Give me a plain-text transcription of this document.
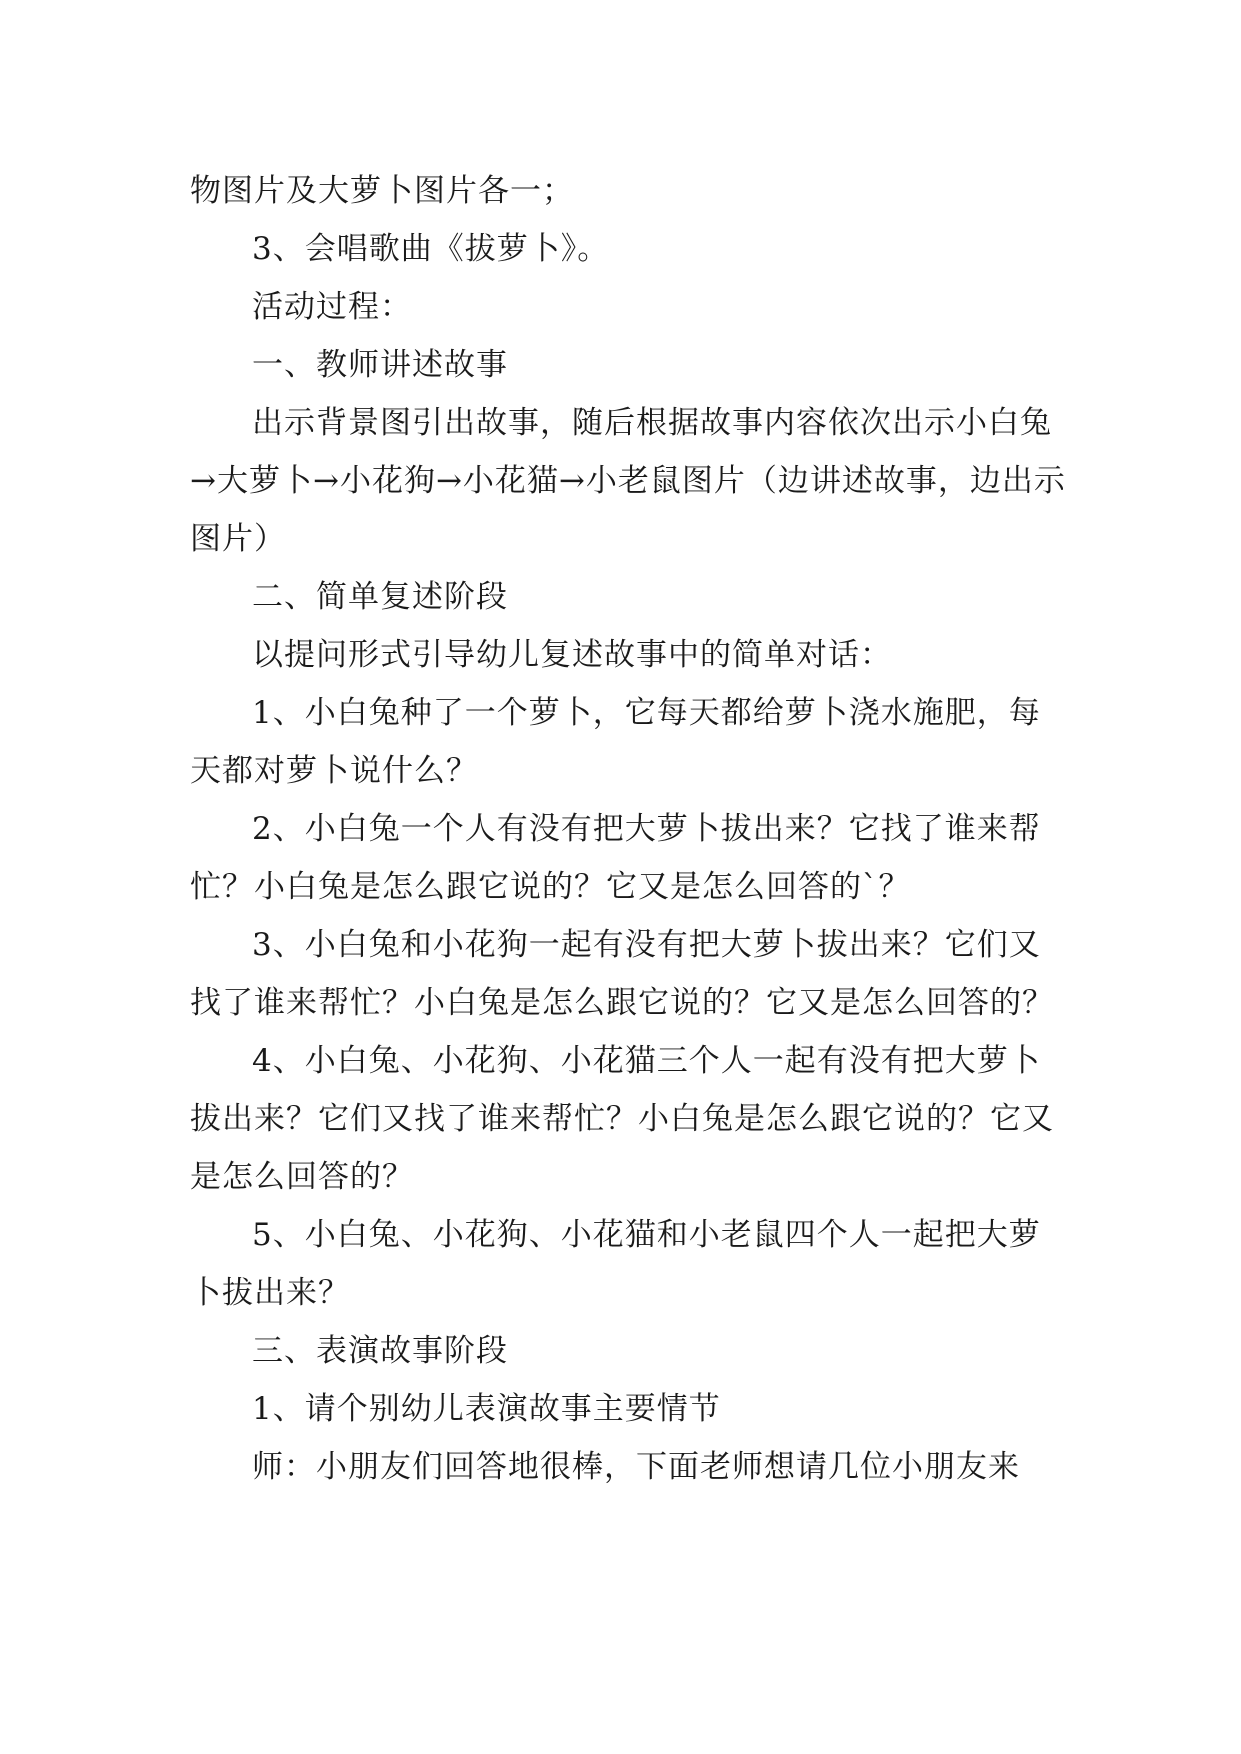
物图片及大萝卜图片各一；

3、会唱歌曲《拔萝卜》。

活动过程：

一、教师讲述故事

出示背景图引出故事，随后根据故事内容依次出示小白兔→大萝卜→小花狗→小花猫→小老鼠图片（边讲述故事，边出示图片）

二、简单复述阶段

以提问形式引导幼儿复述故事中的简单对话：

1、小白兔种了一个萝卜，它每天都给萝卜浇水施肥，每天都对萝卜说什么？

2、小白兔一个人有没有把大萝卜拔出来？它找了谁来帮忙？小白兔是怎么跟它说的？它又是怎么回答的`？

3、小白兔和小花狗一起有没有把大萝卜拔出来？它们又找了谁来帮忙？小白兔是怎么跟它说的？它又是怎么回答的？

4、小白兔、小花狗、小花猫三个人一起有没有把大萝卜拔出来？它们又找了谁来帮忙？小白兔是怎么跟它说的？它又是怎么回答的？

5、小白兔、小花狗、小花猫和小老鼠四个人一起把大萝卜拔出来？

三、表演故事阶段

1、请个别幼儿表演故事主要情节

师：小朋友们回答地很棒，下面老师想请几位小朋友来
